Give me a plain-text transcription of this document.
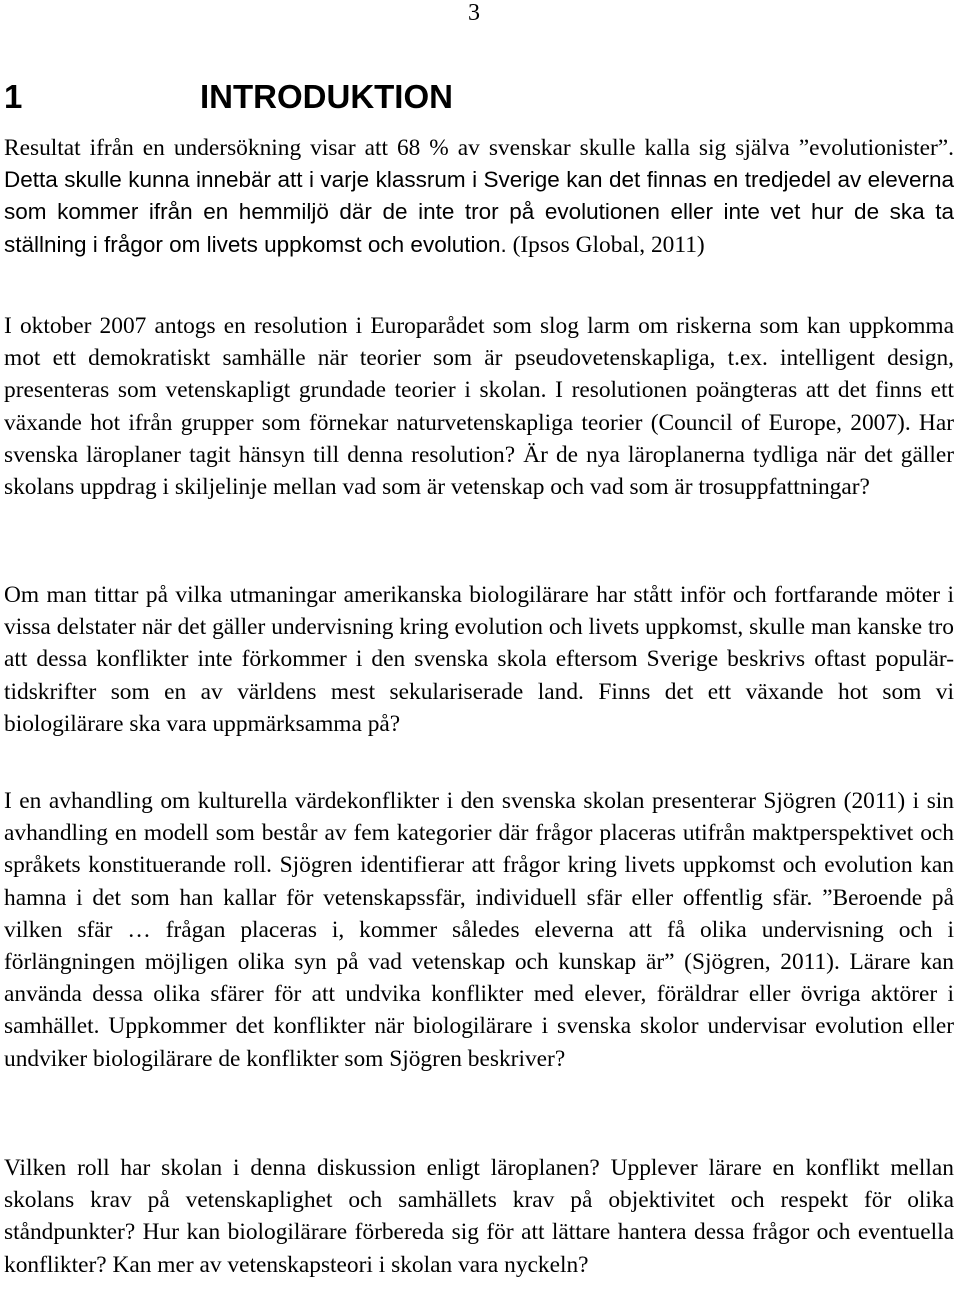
3
1	INTRODUKTION

Resultat ifrån en undersökning visar att 68 % av svenskar skulle kalla sig själva ”evolutionister”. Detta skulle kunna innebär att i varje klassrum i Sverige kan det finnas en tredjedel av eleverna som kommer ifrån en hemmiljö där de inte tror på evolutionen eller inte vet hur de ska ta ställning i frågor om livets uppkomst och evolution. (Ipsos Global, 2011)

I oktober 2007 antogs en resolution i Europarådet som slog larm om riskerna som kan uppkomma mot ett demokratiskt samhälle när teorier som är pseudovetenskapliga, t.ex. intelligent design, presenteras som vetenskapligt grundade teorier i skolan. I resolutionen poängteras att det finns ett växande hot ifrån grupper som förnekar naturvetenskapliga teorier (Council of Europe, 2007). Har svenska läroplaner tagit hänsyn till denna resolution? Är de nya läroplanerna tydliga när det gäller skolans uppdrag i skiljelinje mellan vad som är vetenskap och vad som är trosuppfattningar?

Om man tittar på vilka utmaningar amerikanska biologilärare har stått inför och fortfarande möter i vissa delstater när det gäller undervisning kring evolution och livets uppkomst, skulle man kanske tro att dessa konflikter inte förkommer i den svenska skola eftersom Sverige beskrivs oftast populär-tidskrifter som en av världens mest sekulariserade land. Finns det ett växande hot som vi biologilärare ska vara uppmärksamma på?

I en avhandling om kulturella värdekonflikter i den svenska skolan presenterar Sjögren (2011) i sin avhandling en modell som består av fem kategorier där frågor placeras utifrån maktperspektivet och språkets konstituerande roll. Sjögren identifierar att frågor kring livets uppkomst och evolution kan hamna i det som han kallar för vetenskapssfär, individuell sfär eller offentlig sfär. ”Beroende på vilken sfär … frågan placeras i, kommer således eleverna att få olika undervisning och i förlängningen möjligen olika syn på vad vetenskap och kunskap är” (Sjögren, 2011). Lärare kan använda dessa olika sfärer för att undvika konflikter med elever, föräldrar eller övriga aktörer i samhället. Uppkommer det konflikter när biologilärare i svenska skolor undervisar evolution eller undviker biologilärare de konflikter som Sjögren beskriver?

Vilken roll har skolan i denna diskussion enligt läroplanen? Upplever lärare en konflikt mellan skolans krav på vetenskaplighet och samhällets krav på objektivitet och respekt för olika ståndpunkter? Hur kan biologilärare förbereda sig för att lättare hantera dessa frågor och eventuella konflikter? Kan mer av vetenskapsteori i skolan vara nyckeln?
